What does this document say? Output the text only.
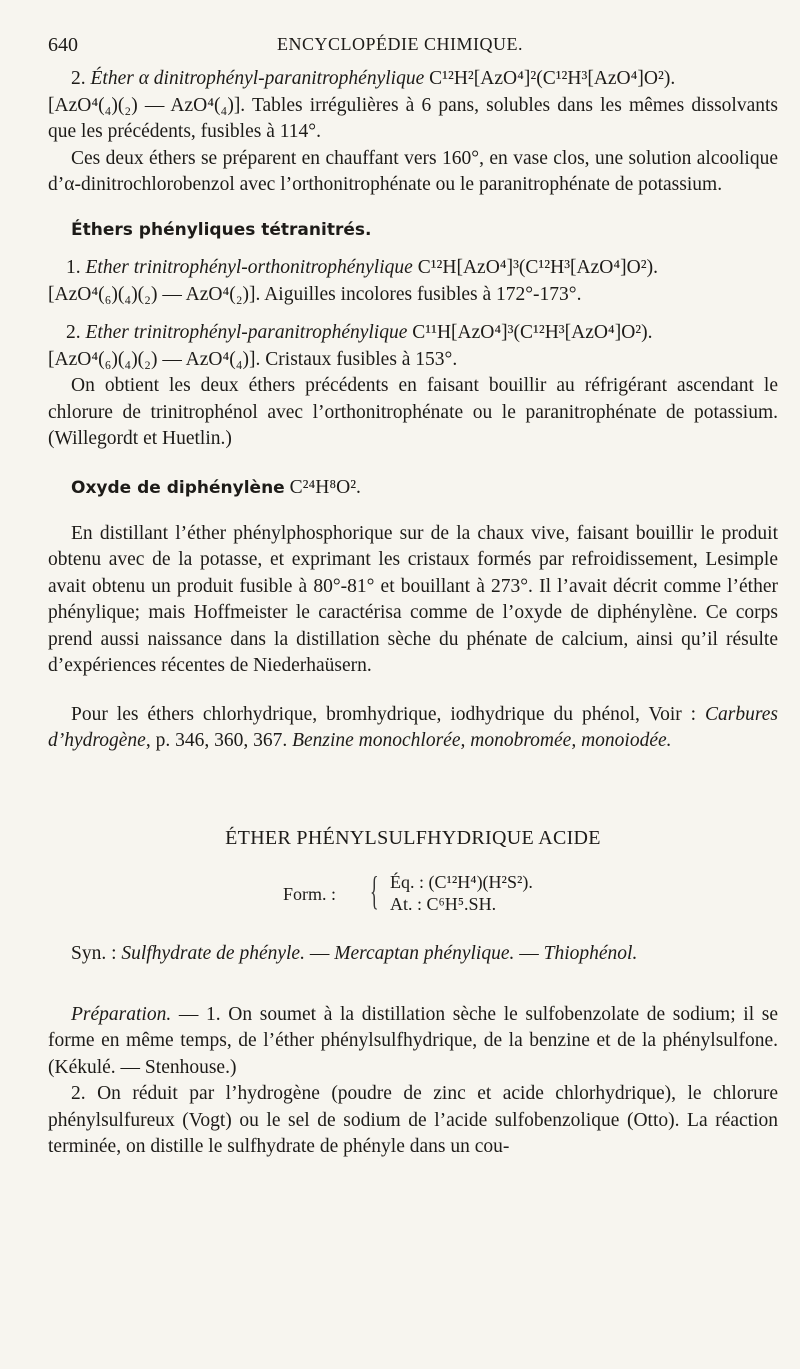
640	ENCYCLOPÉDIE CHIMIQUE.

2. Éther α dinitrophényl-paranitrophénylique C¹²H²[AzO⁴]²(C¹²H³[AzO⁴]O²).
[AzO⁴(₄)(₂) — AzO⁴(₄)]. Tables irrégulières à 6 pans, solubles dans les mêmes dissolvants que les précédents, fusibles à 114°.

Ces deux éthers se préparent en chauffant vers 160°, en vase clos, une solution alcoolique d’α-dinitrochlorobenzol avec l’orthonitrophénate ou le paranitrophénate de potassium.

Éthers phényliques tétranitrés.

1. Ether trinitrophényl-orthonitrophénylique C¹²H[AzO⁴]³(C¹²H³[AzO⁴]O²).
[AzO⁴(₆)(₄)(₂) — AzO⁴(₂)]. Aiguilles incolores fusibles à 172°-173°.

2. Ether trinitrophényl-paranitrophénylique C¹¹H[AzO⁴]³(C¹²H³[AzO⁴]O²).
[AzO⁴(₆)(₄)(₂) — AzO⁴(₄)]. Cristaux fusibles à 153°.

On obtient les deux éthers précédents en faisant bouillir au réfrigérant ascendant le chlorure de trinitrophénol avec l’orthonitrophénate ou le paranitrophénate de potassium. (Willegordt et Huetlin.)

Oxyde de diphénylène C²⁴H⁸O².

En distillant l’éther phénylphosphorique sur de la chaux vive, faisant bouillir le produit obtenu avec de la potasse, et exprimant les cristaux formés par refroidissement, Lesimple avait obtenu un produit fusible à 80°-81° et bouillant à 273°. Il l’avait décrit comme l’éther phénylique; mais Hoffmeister le caractérisa comme de l’oxyde de diphénylène. Ce corps prend aussi naissance dans la distillation sèche du phénate de calcium, ainsi qu’il résulte d’expériences récentes de Niederhaüsern.

Pour les éthers chlorhydrique, bromhydrique, iodhydrique du phénol, Voir : Carbures d’hydrogène, p. 346, 360, 367. Benzine monochlorée, monobromée, monoiodée.

ÉTHER PHÉNYLSULFHYDRIQUE ACIDE
Form. : { Éq. : (C¹²H⁴)(H²S²).
At. : C⁶H⁵.SH.

Syn. : Sulfhydrate de phényle. — Mercaptan phénylique. — Thiophénol.

Préparation. — 1. On soumet à la distillation sèche le sulfobenzolate de sodium; il se forme en même temps, de l’éther phénylsulfhydrique, de la benzine et de la phénylsulfone. (Kékulé. — Stenhouse.)

2. On réduit par l’hydrogène (poudre de zinc et acide chlorhydrique), le chlorure phénylsulfureux (Vogt) ou le sel de sodium de l’acide sulfobenzolique (Otto). La réaction terminée, on distille le sulfhydrate de phényle dans un cou-
